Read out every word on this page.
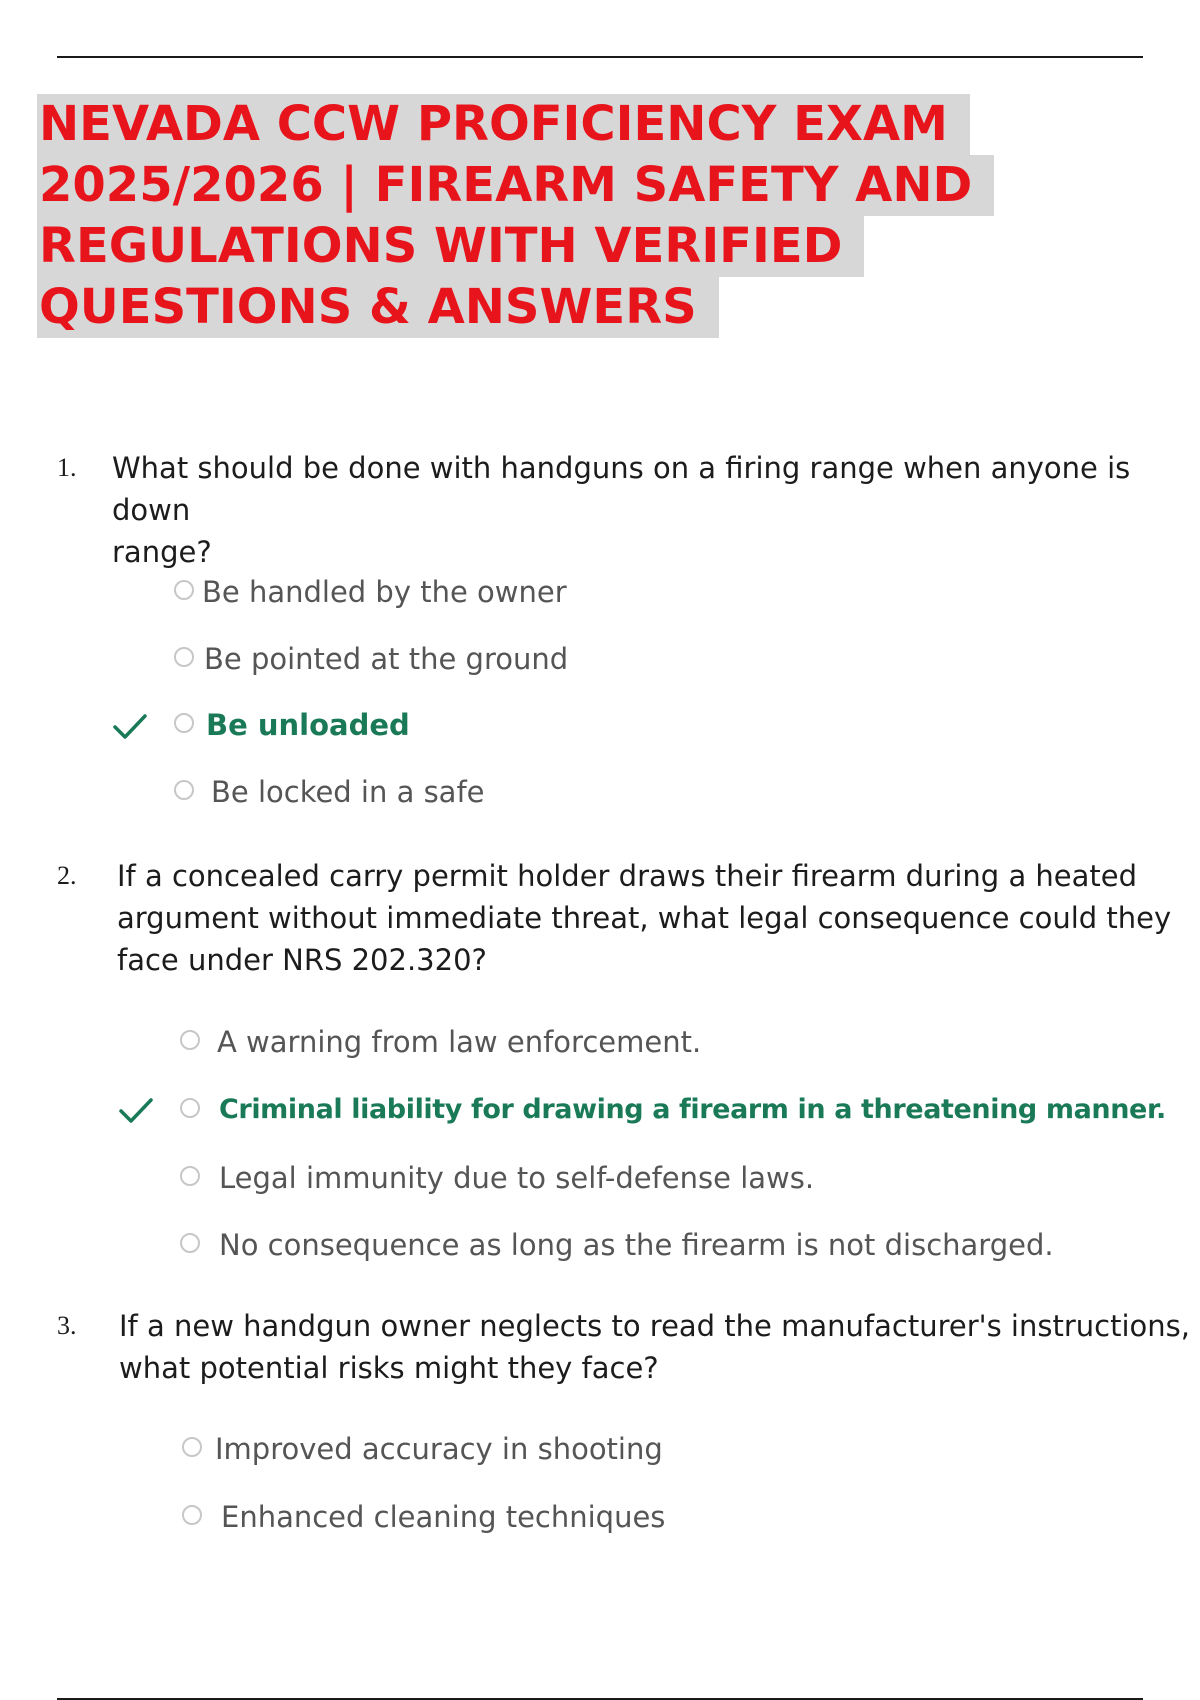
NEVADA CCW PROFICIENCY EXAM
2025/2026 | FIREARM SAFETY AND
REGULATIONS WITH VERIFIED
QUESTIONS & ANSWERS
1. What should be done with handguns on a firing range when anyone is down
range?
Be handled by the owner
Be pointed at the ground
Be unloaded
Be locked in a safe
2. If a concealed carry permit holder draws their firearm during a heated
argument without immediate threat, what legal consequence could they
face under NRS 202.320?
A warning from law enforcement.
Criminal liability for drawing a firearm in a threatening manner.
Legal immunity due to self-defense laws.
No consequence as long as the firearm is not discharged.
3. If a new handgun owner neglects to read the manufacturer's instructions,
what potential risks might they face?
Improved accuracy in shooting
Enhanced cleaning techniques
